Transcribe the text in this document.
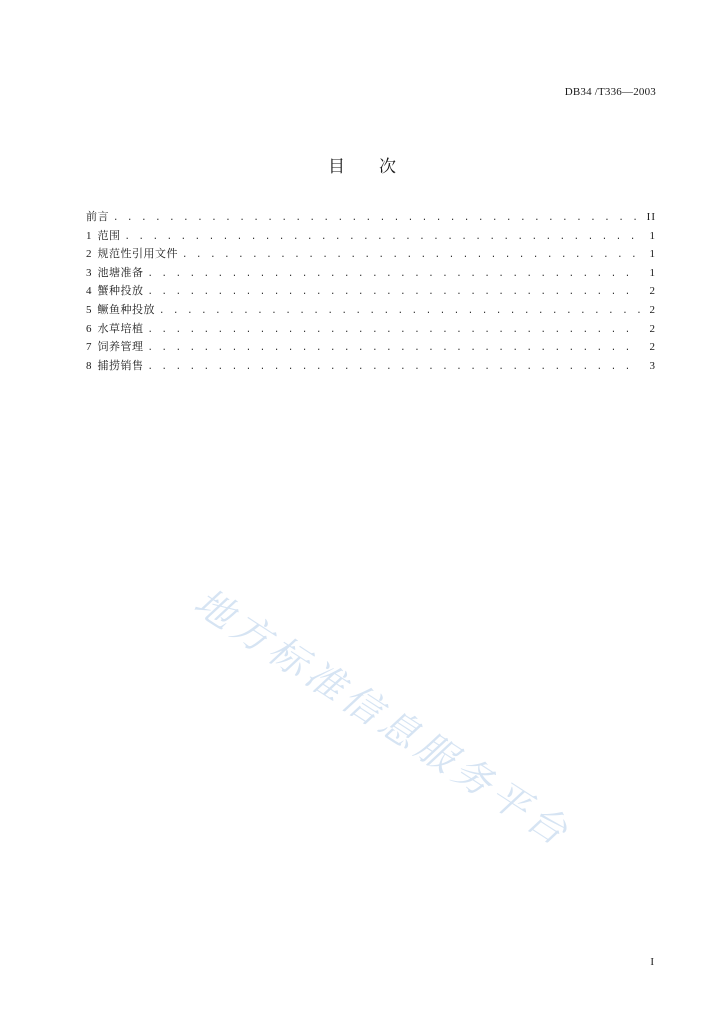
DB34 /T336—2003
目 次
前言 . . .	II
1 范围 . . .	1
2 规范性引用文件 . . .	1
3 池塘准备 . . .	1
4 蟹种投放 . . .	2
5 鳜鱼种投放 . . .	2
6 水草培植 . . .	2
7 饲养管理 . . .	2
8 捕捞销售 . . .	3
地方标准信息服务平台
I
